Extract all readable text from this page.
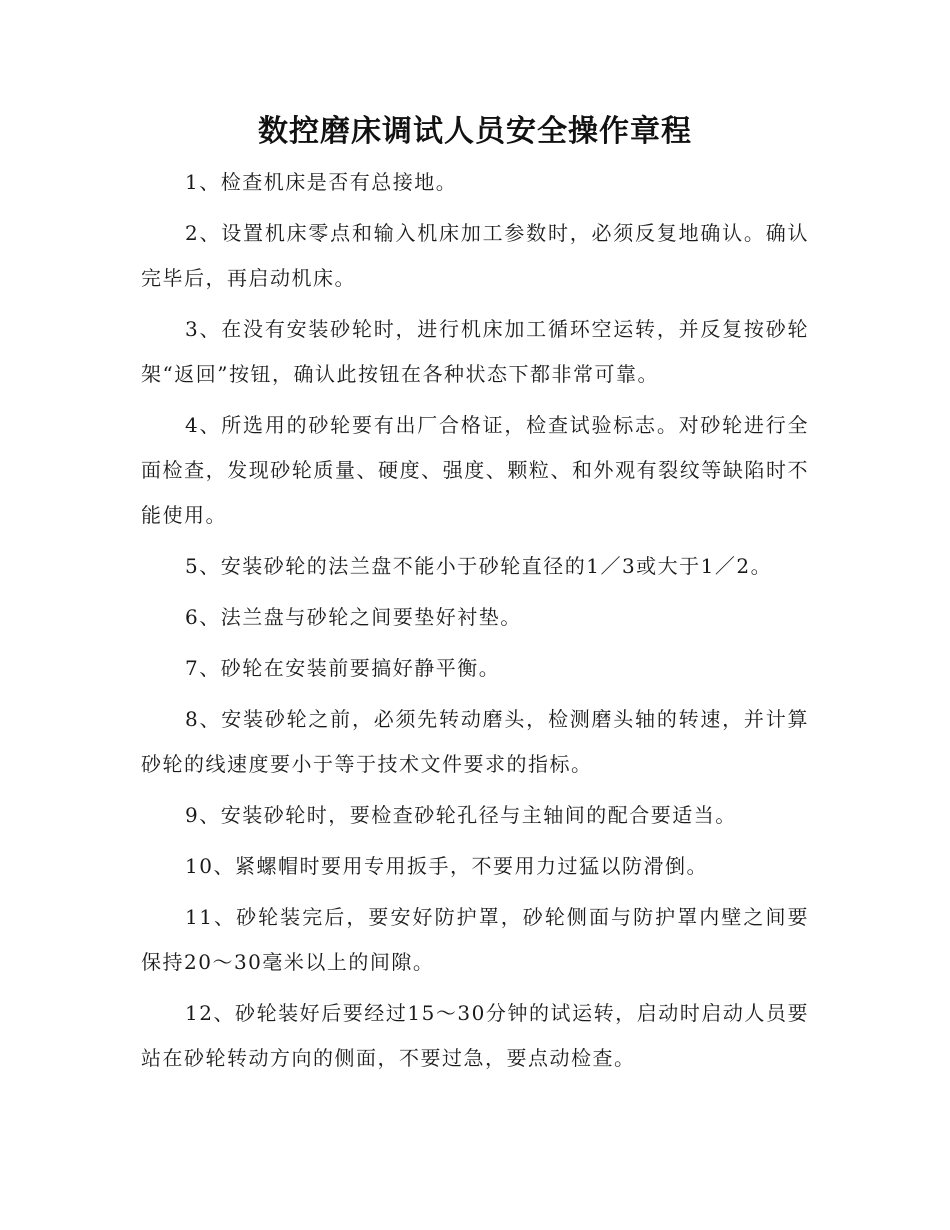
数控磨床调试人员安全操作章程

1、检查机床是否有总接地。

2、设置机床零点和输入机床加工参数时，必须反复地确认。确认完毕后，再启动机床。

3、在没有安装砂轮时，进行机床加工循环空运转，并反复按砂轮架“返回”按钮，确认此按钮在各种状态下都非常可靠。

4、所选用的砂轮要有出厂合格证，检查试验标志。对砂轮进行全面检查，发现砂轮质量、硬度、强度、颗粒、和外观有裂纹等缺陷时不能使用。

5、安装砂轮的法兰盘不能小于砂轮直径的1／3或大于1／2。

6、法兰盘与砂轮之间要垫好衬垫。

7、砂轮在安装前要搞好静平衡。

8、安装砂轮之前，必须先转动磨头，检测磨头轴的转速，并计算砂轮的线速度要小于等于技术文件要求的指标。

9、安装砂轮时，要检查砂轮孔径与主轴间的配合要适当。

10、紧螺帽时要用专用扳手，不要用力过猛以防滑倒。

11、砂轮装完后，要安好防护罩，砂轮侧面与防护罩内壁之间要保持20～30毫米以上的间隙。

12、砂轮装好后要经过15～30分钟的试运转，启动时启动人员要站在砂轮转动方向的侧面，不要过急，要点动检查。
